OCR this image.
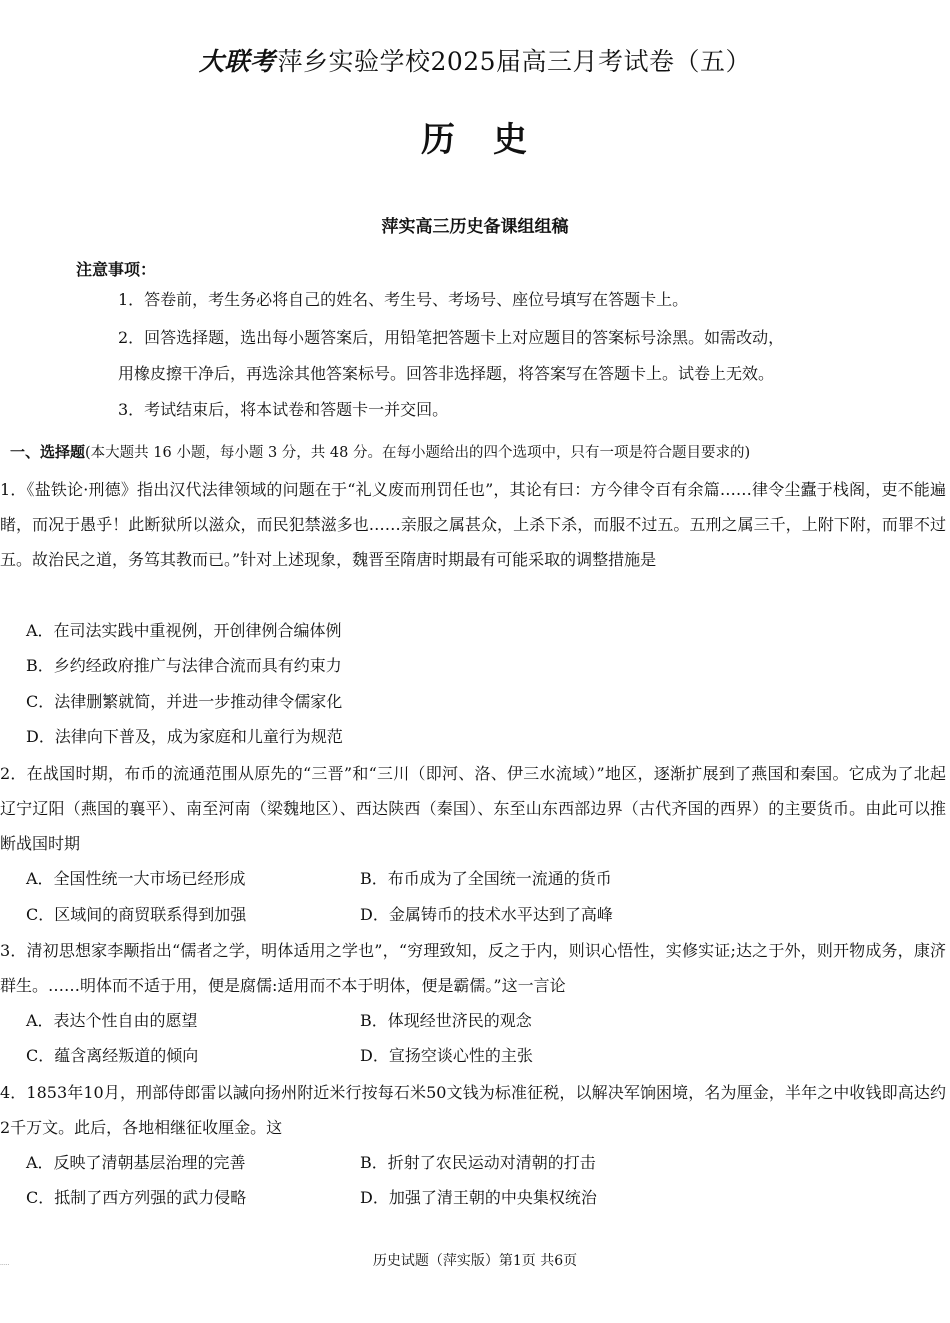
大联考萍乡实验学校2025届高三月考试卷（五）
历 史
萍实高三历史备课组组稿
注意事项：
1．答卷前，考生务必将自己的姓名、考生号、考场号、座位号填写在答题卡上。
2．回答选择题，选出每小题答案后，用铅笔把答题卡上对应题目的答案标号涂黑。如需改动，
用橡皮擦干净后，再选涂其他答案标号。回答非选择题，将答案写在答题卡上。试卷上无效。
3．考试结束后，将本试卷和答题卡一并交回。
一、选择题(本大题共 16 小题，每小题 3 分，共 48 分。在每小题给出的四个选项中，只有一项是符合题目要求的)
1．《盐铁论·刑德》指出汉代法律领域的问题在于“礼义废而刑罚任也”，其论有曰：方今律令百有余篇……律令尘蠹于栈阁，吏不能遍睹，而况于愚乎！此断狱所以滋众，而民犯禁滋多也……亲服之属甚众，上杀下杀，而服不过五。五刑之属三千，上附下附，而罪不过五。故治民之道，务笃其教而已。”针对上述现象，魏晋至隋唐时期最有可能采取的调整措施是
A．在司法实践中重视例，开创律例合编体例
B．乡约经政府推广与法律合流而具有约束力
C．法律删繁就简，并进一步推动律令儒家化
D．法律向下普及，成为家庭和儿童行为规范
2．在战国时期，布币的流通范围从原先的“三晋”和“三川（即河、洛、伊三水流域）”地区，逐渐扩展到了燕国和秦国。它成为了北起辽宁辽阳（燕国的襄平）、南至河南（梁魏地区）、西达陕西（秦国）、东至山东西部边界（古代齐国的西界）的主要货币。由此可以推断战国时期
A．全国性统一大市场已经形成	B．布币成为了全国统一流通的货币
C．区域间的商贸联系得到加强	D．金属铸币的技术水平达到了高峰
3．清初思想家李颙指出“儒者之学，明体适用之学也”，“穷理致知，反之于内，则识心悟性，实修实证;达之于外，则开物成务，康济群生。……明体而不适于用，便是腐儒:适用而不本于明体，便是霸儒。”这一言论
A．表达个性自由的愿望	B．体现经世济民的观念
C．蕴含离经叛道的倾向	D．宣扬空谈心性的主张
4．1853年10月，刑部侍郎雷以諴向扬州附近米行按每石米50文钱为标准征税，以解决军饷困境，名为厘金，半年之中收钱即高达约2千万文。此后，各地相继征收厘金。这
A．反映了清朝基层治理的完善	B．折射了农民运动对清朝的打击
C．抵制了西方列强的武力侵略	D．加强了清王朝的中央集权统治
历史试题（萍实版）第1页 共6页
·····
